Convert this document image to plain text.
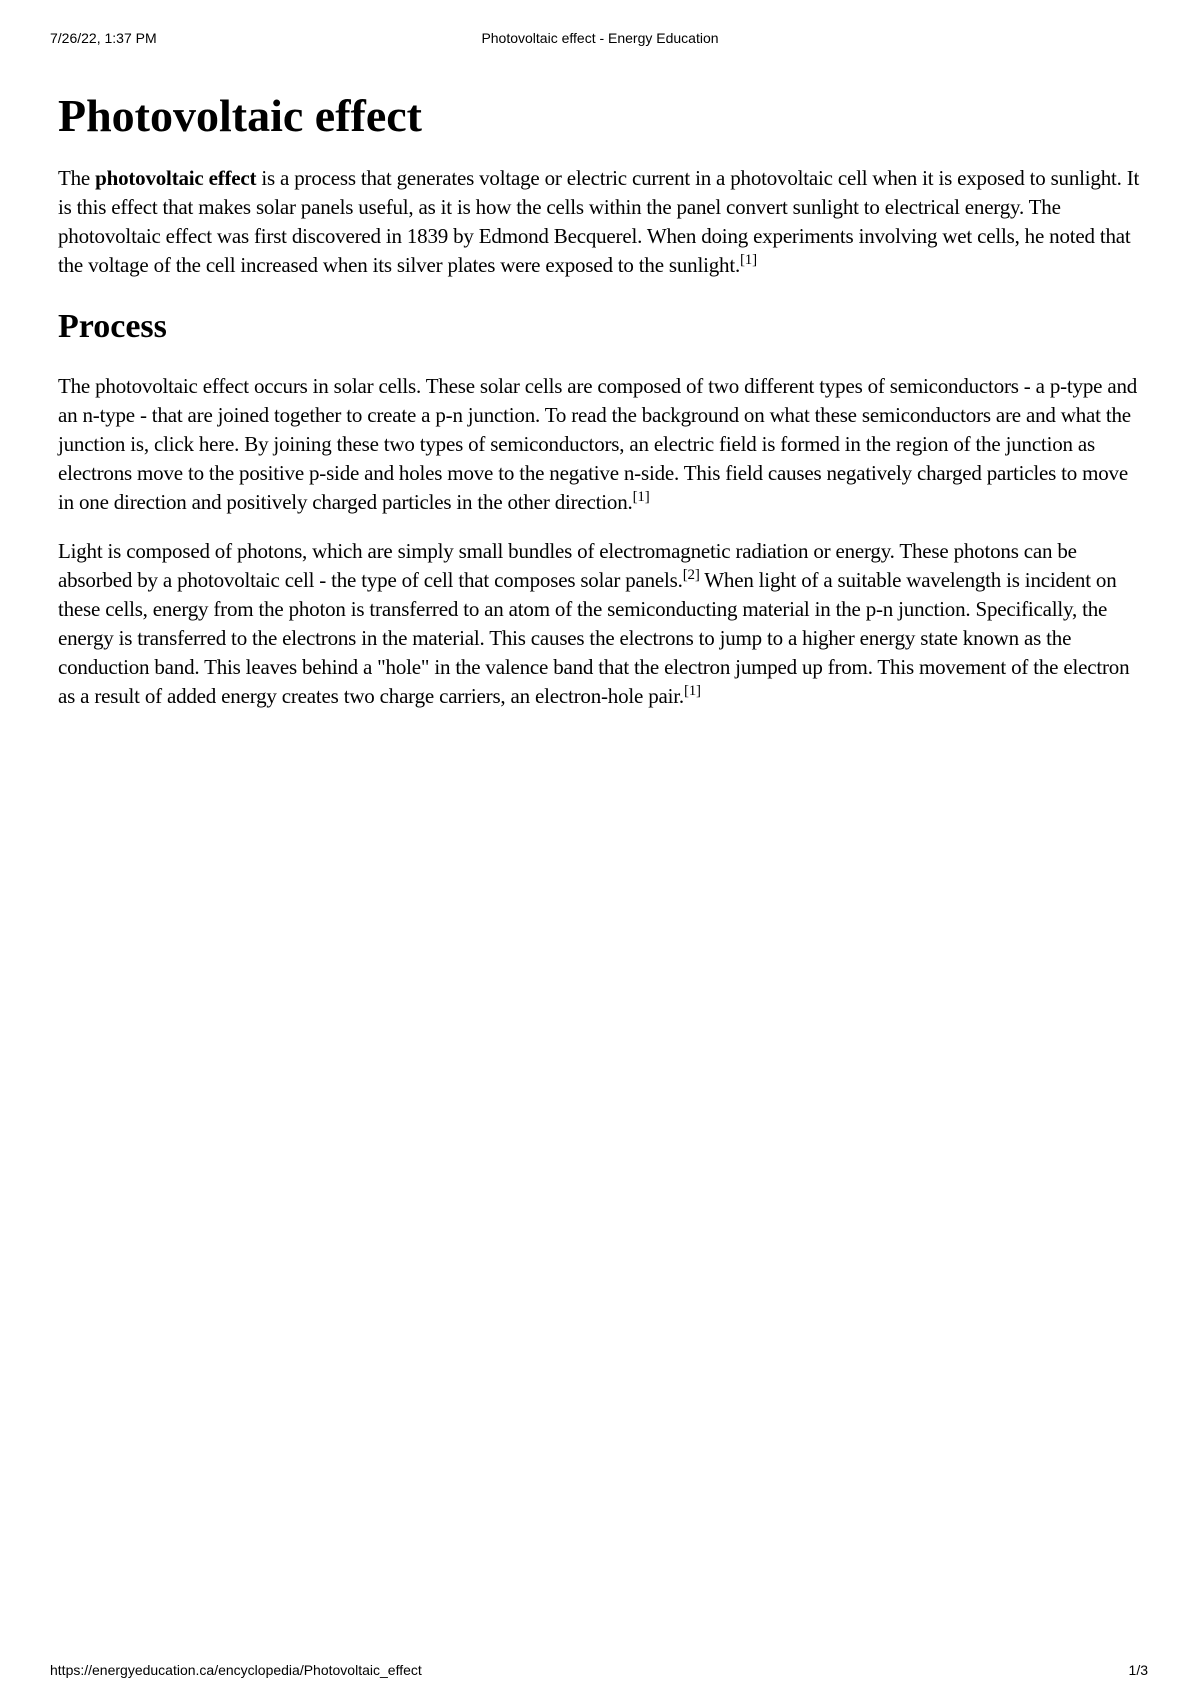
7/26/22, 1:37 PM	Photovoltaic effect - Energy Education
Photovoltaic effect

The photovoltaic effect is a process that generates voltage or electric current in a photovoltaic cell when it is exposed to sunlight. It is this effect that makes solar panels useful, as it is how the cells within the panel convert sunlight to electrical energy. The photovoltaic effect was first discovered in 1839 by Edmond Becquerel. When doing experiments involving wet cells, he noted that the voltage of the cell increased when its silver plates were exposed to the sunlight.[1]

Process

The photovoltaic effect occurs in solar cells. These solar cells are composed of two different types of semiconductors - a p-type and an n-type - that are joined together to create a p-n junction. To read the background on what these semiconductors are and what the junction is, click here. By joining these two types of semiconductors, an electric field is formed in the region of the junction as electrons move to the positive p-side and holes move to the negative n-side. This field causes negatively charged particles to move in one direction and positively charged particles in the other direction.[1]

Light is composed of photons, which are simply small bundles of electromagnetic radiation or energy. These photons can be absorbed by a photovoltaic cell - the type of cell that composes solar panels.[2] When light of a suitable wavelength is incident on these cells, energy from the photon is transferred to an atom of the semiconducting material in the p-n junction. Specifically, the energy is transferred to the electrons in the material. This causes the electrons to jump to a higher energy state known as the conduction band. This leaves behind a "hole" in the valence band that the electron jumped up from. This movement of the electron as a result of added energy creates two charge carriers, an electron-hole pair.[1]

https://energyeducation.ca/encyclopedia/Photovoltaic_effect	1/3
